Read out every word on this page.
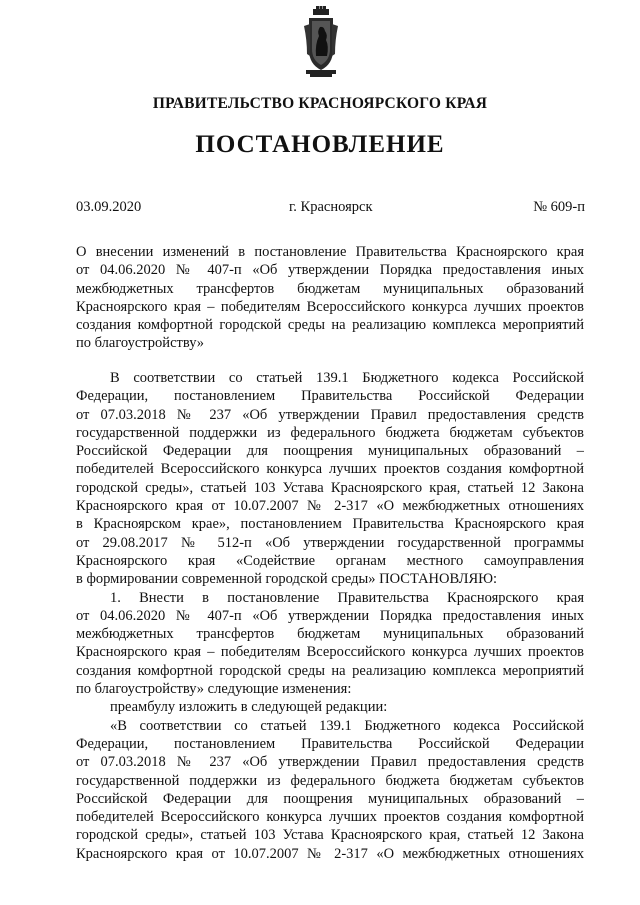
ПРАВИТЕЛЬСТВО КРАСНОЯРСКОГО КРАЯ
ПОСТАНОВЛЕНИЕ
03.09.2020	г. Красноярск	№ 609-п
О внесении изменений в постановление Правительства Красноярского края
от 04.06.2020 № 407-п «Об утверждении Порядка предоставления иных
межбюджетных трансфертов бюджетам муниципальных образований
Красноярского края – победителям Всероссийского конкурса лучших проектов
создания комфортной городской среды на реализацию комплекса мероприятий
по благоустройству»
В соответствии со статьей 139.1 Бюджетного кодекса Российской
Федерации, постановлением Правительства Российской Федерации
от 07.03.2018 № 237 «Об утверждении Правил предоставления средств
государственной поддержки из федерального бюджета бюджетам субъектов
Российской Федерации для поощрения муниципальных образований –
победителей Всероссийского конкурса лучших проектов создания комфортной
городской среды», статьей 103 Устава Красноярского края, статьей 12 Закона
Красноярского края от 10.07.2007 № 2-317 «О межбюджетных отношениях
в Красноярском крае», постановлением Правительства Красноярского края
от 29.08.2017 № 512-п «Об утверждении государственной программы
Красноярского края «Содействие органам местного самоуправления
в формировании современной городской среды» ПОСТАНОВЛЯЮ:
1. Внести в постановление Правительства Красноярского края
от 04.06.2020 № 407-п «Об утверждении Порядка предоставления иных
межбюджетных трансфертов бюджетам муниципальных образований
Красноярского края – победителям Всероссийского конкурса лучших проектов
создания комфортной городской среды на реализацию комплекса мероприятий
по благоустройству» следующие изменения:
преамбулу изложить в следующей редакции:
«В соответствии со статьей 139.1 Бюджетного кодекса Российской
Федерации, постановлением Правительства Российской Федерации
от 07.03.2018 № 237 «Об утверждении Правил предоставления средств
государственной поддержки из федерального бюджета бюджетам субъектов
Российской Федерации для поощрения муниципальных образований –
победителей Всероссийского конкурса лучших проектов создания комфортной
городской среды», статьей 103 Устава Красноярского края, статьей 12 Закона
Красноярского края от 10.07.2007 № 2-317 «О межбюджетных отношениях
